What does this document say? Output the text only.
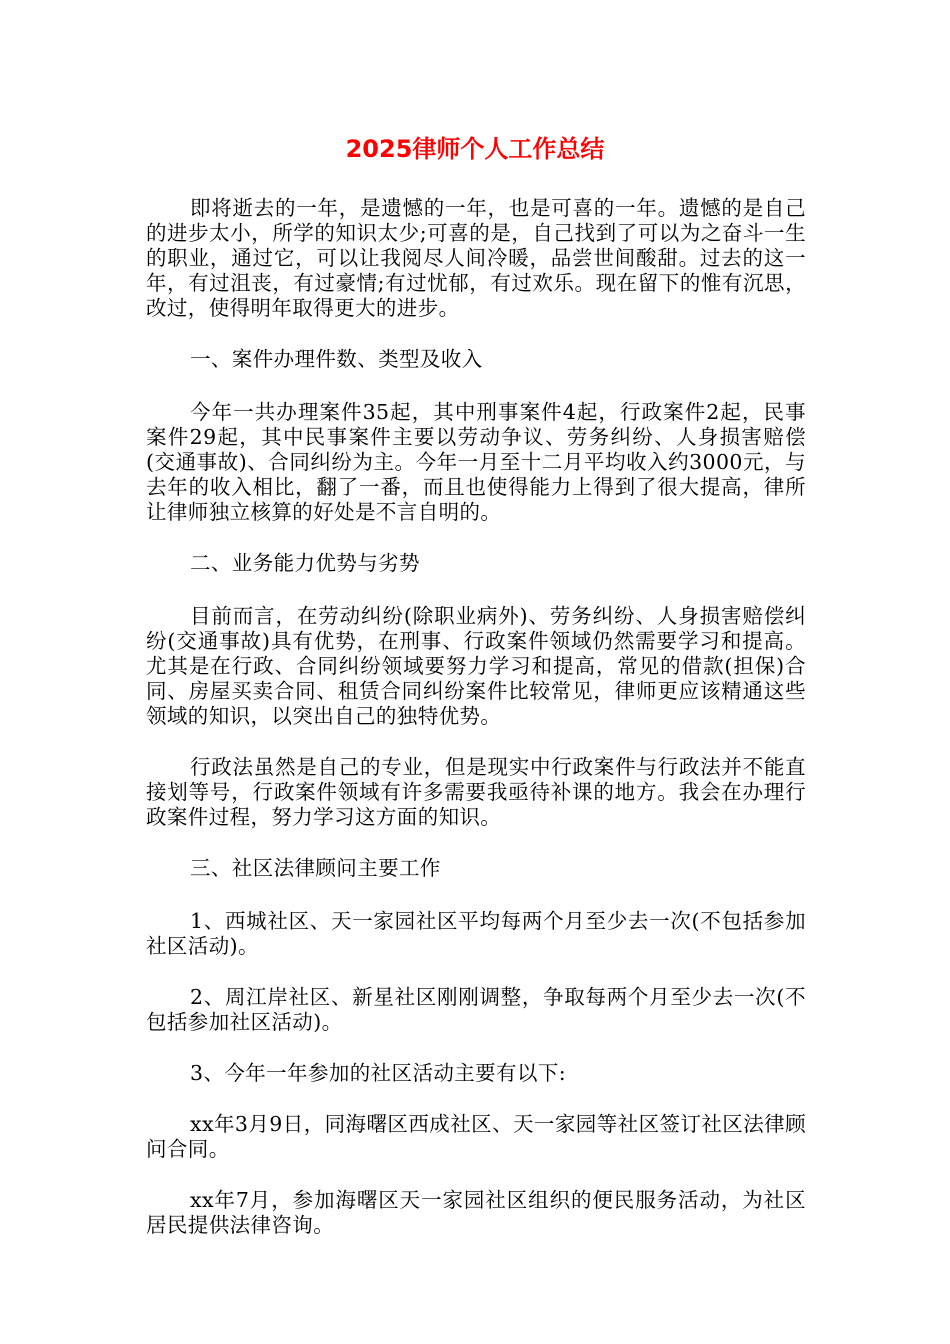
2025律师个人工作总结

即将逝去的一年，是遗憾的一年，也是可喜的一年。遗憾的是自己的进步太小，所学的知识太少;可喜的是，自己找到了可以为之奋斗一生的职业，通过它，可以让我阅尽人间冷暖，品尝世间酸甜。过去的这一年，有过沮丧，有过豪情;有过忧郁，有过欢乐。现在留下的惟有沉思，改过，使得明年取得更大的进步。

一、案件办理件数、类型及收入

今年一共办理案件35起，其中刑事案件4起，行政案件2起，民事案件29起，其中民事案件主要以劳动争议、劳务纠纷、人身损害赔偿(交通事故)、合同纠纷为主。今年一月至十二月平均收入约3000元，与去年的收入相比，翻了一番，而且也使得能力上得到了很大提高，律所让律师独立核算的好处是不言自明的。

二、业务能力优势与劣势

目前而言，在劳动纠纷(除职业病外)、劳务纠纷、人身损害赔偿纠纷(交通事故)具有优势，在刑事、行政案件领域仍然需要学习和提高。尤其是在行政、合同纠纷领域要努力学习和提高，常见的借款(担保)合同、房屋买卖合同、租赁合同纠纷案件比较常见，律师更应该精通这些领域的知识，以突出自己的独特优势。

行政法虽然是自己的专业，但是现实中行政案件与行政法并不能直接划等号，行政案件领域有许多需要我亟待补课的地方。我会在办理行政案件过程，努力学习这方面的知识。

三、社区法律顾问主要工作

1、西城社区、天一家园社区平均每两个月至少去一次(不包括参加社区活动)。

2、周江岸社区、新星社区刚刚调整，争取每两个月至少去一次(不包括参加社区活动)。

3、今年一年参加的社区活动主要有以下:

xx年3月9日，同海曙区西成社区、天一家园等社区签订社区法律顾问合同。

xx年7月，参加海曙区天一家园社区组织的便民服务活动，为社区居民提供法律咨询。
